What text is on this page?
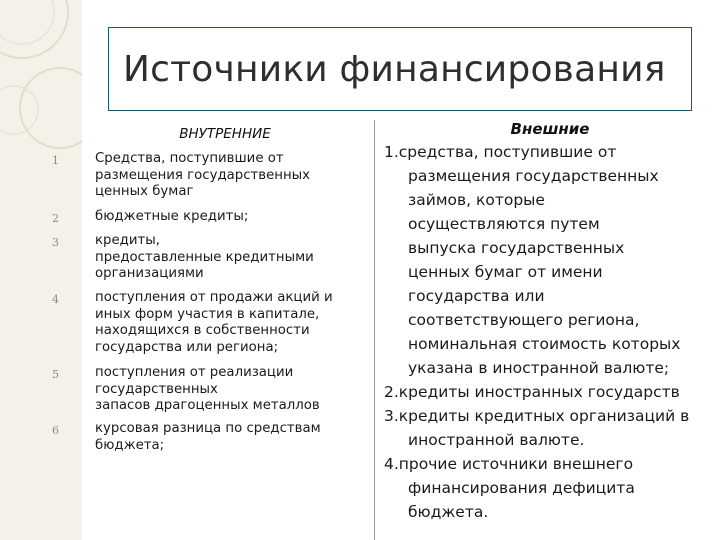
Источники финансирования
ВНУТРЕННИЕ
1
2
3
4
5
6
Средства, поступившие от
размещения государственных
ценных бумаг
бюджетные кредиты;
кредиты,
предоставленные кредитными
организациями
поступления от продажи акций и
иных форм участия в капитале,
находящихся в собственности
государства или региона;
поступления от реализации
государственных
запасов драгоценных металлов
курсовая разница по средствам
бюджета;
Внешние
1.средства, поступившие от
размещения государственных
займов, которые
осуществляются путем
выпуска государственных
ценных бумаг от имени
государства или
соответствующего региона,
номинальная стоимость которых
указана в иностранной валюте;
2.кредиты иностранных государств
3.кредиты кредитных организаций в
иностранной валюте.
4.прочие источники внешнего
финансирования дефицита
бюджета.
